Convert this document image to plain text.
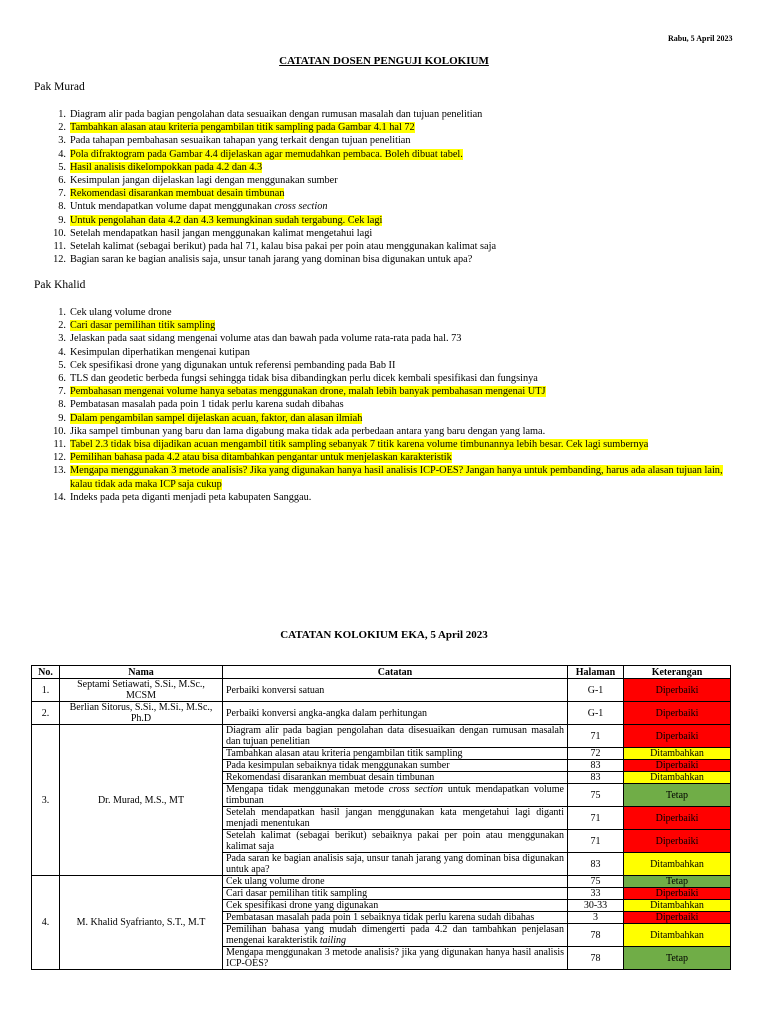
Rabu, 5 April 2023
CATATAN DOSEN PENGUJI KOLOKIUM
Pak Murad
1. Diagram alir pada bagian pengolahan data sesuaikan dengan rumusan masalah dan tujuan penelitian
2. Tambahkan alasan atau kriteria pengambilan titik sampling pada Gambar 4.1 hal 72
3. Pada tahapan pembahasan sesuaikan tahapan yang terkait dengan tujuan penelitian
4. Pola difraktogram pada Gambar 4.4 dijelaskan agar memudahkan pembaca. Boleh dibuat tabel.
5. Hasil analisis dikelompokkan pada 4.2 dan 4.3
6. Kesimpulan jangan dijelaskan lagi dengan menggunakan sumber
7. Rekomendasi disarankan membuat desain timbunan
8. Untuk mendapatkan volume dapat menggunakan cross section
9. Untuk pengolahan data 4.2 dan 4.3 kemungkinan sudah tergabung. Cek lagi
10. Setelah mendapatkan hasil jangan menggunakan kalimat mengetahui lagi
11. Setelah kalimat (sebagai berikut) pada hal 71, kalau bisa pakai per poin atau menggunakan kalimat saja
12. Bagian saran ke bagian analisis saja, unsur tanah jarang yang dominan bisa digunakan untuk apa?
Pak Khalid
1. Cek ulang volume drone
2. Cari dasar pemilihan titik sampling
3. Jelaskan pada saat sidang mengenai volume atas dan bawah pada volume rata-rata pada hal. 73
4. Kesimpulan diperhatikan mengenai kutipan
5. Cek spesifikasi drone yang digunakan untuk referensi pembanding pada Bab II
6. TLS dan geodetic berbeda fungsi sehingga tidak bisa dibandingkan perlu dicek kembali spesifikasi dan fungsinya
7. Pembahasan mengenai volume hanya sebatas menggunakan drone, malah lebih banyak pembahasan mengenai UTJ
8. Pembatasan masalah pada poin 1 tidak perlu karena sudah dibahas
9. Dalam pengambilan sampel dijelaskan acuan, faktor, dan alasan ilmiah
10. Jika sampel timbunan yang baru dan lama digabung maka tidak ada perbedaan antara yang baru dengan yang lama.
11. Tabel 2.3 tidak bisa dijadikan acuan mengambil titik sampling sebanyak 7 titik karena volume timbunannya lebih besar. Cek lagi sumbernya
12. Pemilihan bahasa pada 4.2 atau bisa ditambahkan pengantar untuk menjelaskan karakteristik
13. Mengapa menggunakan 3 metode analisis? Jika yang digunakan hanya hasil analisis ICP-OES? Jangan hanya untuk pembanding, harus ada alasan tujuan lain, kalau tidak ada maka ICP saja cukup
14. Indeks pada peta diganti menjadi peta kabupaten Sanggau.
CATATAN KOLOKIUM EKA, 5 April 2023
No.	Nama	Catatan	Halaman	Keterangan
1.	Septami Setiawati, S.Si., M.Sc., MCSM	Perbaiki konversi satuan	G-1	Diperbaiki
2.	Berlian Sitorus, S.Si., M.Si., M.Sc., Ph.D	Perbaiki konversi angka-angka dalam perhitungan	G-1	Diperbaiki
3.	Dr. Murad, M.S., MT	Diagram alir pada bagian pengolahan data disesuaikan dengan rumusan masalah dan tujuan penelitian	71	Diperbaiki
		Tambahkan alasan atau kriteria pengambilan titik sampling	72	Ditambahkan
		Pada kesimpulan sebaiknya tidak menggunakan sumber	83	Diperbaiki
		Rekomendasi disarankan membuat desain timbunan	83	Ditambahkan
		Mengapa tidak menggunakan metode cross section untuk mendapatkan volume timbunan	75	Tetap
		Setelah mendapatkan hasil jangan menggunakan kata mengetahui lagi diganti menjadi menentukan	71	Diperbaiki
		Setelah kalimat (sebagai berikut) sebaiknya pakai per poin atau menggunakan kalimat saja	71	Diperbaiki
		Pada saran ke bagian analisis saja, unsur tanah jarang yang dominan bisa digunakan untuk apa?	83	Ditambahkan
4.	M. Khalid Syafrianto, S.T., M.T	Cek ulang volume drone	75	Tetap
		Cari dasar pemilihan titik sampling	33	Diperbaiki
		Cek spesifikasi drone yang digunakan	30-33	Ditambahkan
		Pembatasan masalah pada poin 1 sebaiknya tidak perlu karena sudah dibahas	3	Diperbaiki
		Pemilihan bahasa yang mudah dimengerti pada 4.2 dan tambahkan penjelasan mengenai karakteristik tailing	78	Ditambahkan
		Mengapa menggunakan 3 metode analisis? jika yang digunakan hanya hasil analisis ICP-OES?	78	Tetap
